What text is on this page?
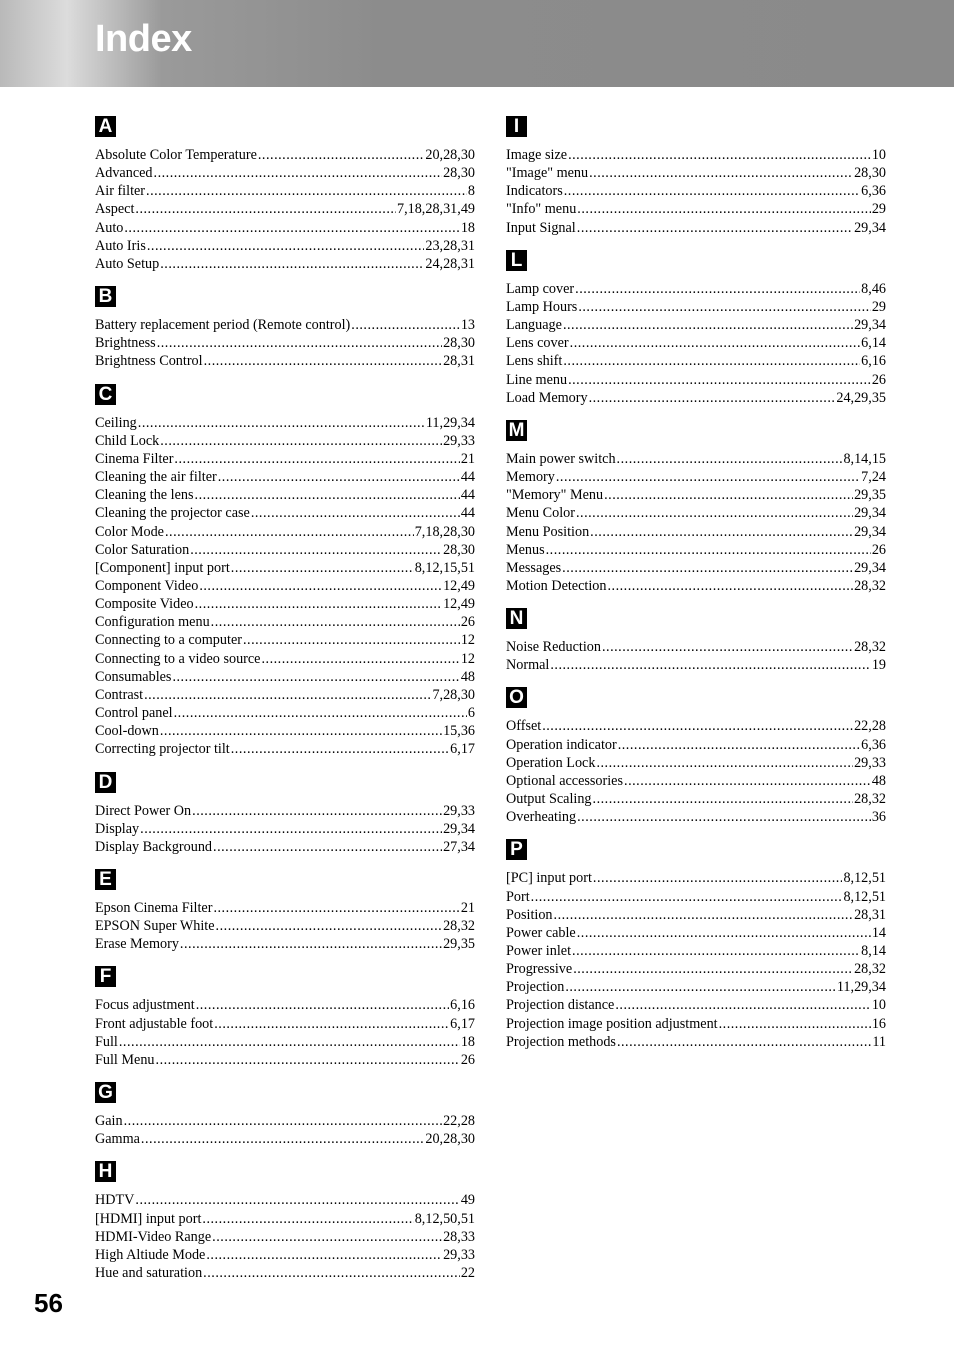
Index
A
Absolute Color Temperature .....	20,28,30
Advanced .....	28,30
Air filter .....	8
Aspect .....	7,18,28,31,49
Auto .....	18
Auto Iris .....	23,28,31
Auto Setup .....	24,28,31
B
Battery replacement period (Remote control) .....	13
Brightness .....	28,30
Brightness Control .....	28,31
C
Ceiling .....	11,29,34
Child Lock .....	29,33
Cinema Filter .....	21
Cleaning the air filter .....	44
Cleaning the lens .....	44
Cleaning the projector case .....	44
Color Mode .....	7,18,28,30
Color Saturation .....	28,30
[Component] input port .....	8,12,15,51
Component Video .....	12,49
Composite Video .....	12,49
Configuration menu .....	26
Connecting to a computer .....	12
Connecting to a video source .....	12
Consumables .....	48
Contrast .....	7,28,30
Control panel .....	6
Cool-down .....	15,36
Correcting projector tilt .....	6,17
D
Direct Power On .....	29,33
Display .....	29,34
Display Background .....	27,34
E
Epson Cinema Filter .....	21
EPSON Super White .....	28,32
Erase Memory .....	29,35
F
Focus adjustment .....	6,16
Front adjustable foot .....	6,17
Full .....	18
Full Menu .....	26
G
Gain .....	22,28
Gamma .....	20,28,30
H
HDTV .....	49
[HDMI] input port .....	8,12,50,51
HDMI-Video Range .....	28,33
High Altiude Mode .....	29,33
Hue and saturation .....	22
I
Image size .....	10
"Image" menu .....	28,30
Indicators .....	6,36
"Info" menu .....	29
Input Signal .....	29,34
L
Lamp cover .....	8,46
Lamp Hours .....	29
Language .....	29,34
Lens cover .....	6,14
Lens shift .....	6,16
Line menu .....	26
Load Memory .....	24,29,35
M
Main power switch .....	8,14,15
Memory .....	7,24
"Memory" Menu .....	29,35
Menu Color .....	29,34
Menu Position .....	29,34
Menus .....	26
Messages .....	29,34
Motion Detection .....	28,32
N
Noise Reduction .....	28,32
Normal .....	19
O
Offset .....	22,28
Operation indicator .....	6,36
Operation Lock .....	29,33
Optional accessories .....	48
Output Scaling .....	28,32
Overheating .....	36
P
[PC] input port .....	8,12,51
Port .....	8,12,51
Position .....	28,31
Power cable .....	14
Power inlet .....	8,14
Progressive .....	28,32
Projection .....	11,29,34
Projection distance .....	10
Projection image position adjustment .....	16
Projection methods .....	11
56
